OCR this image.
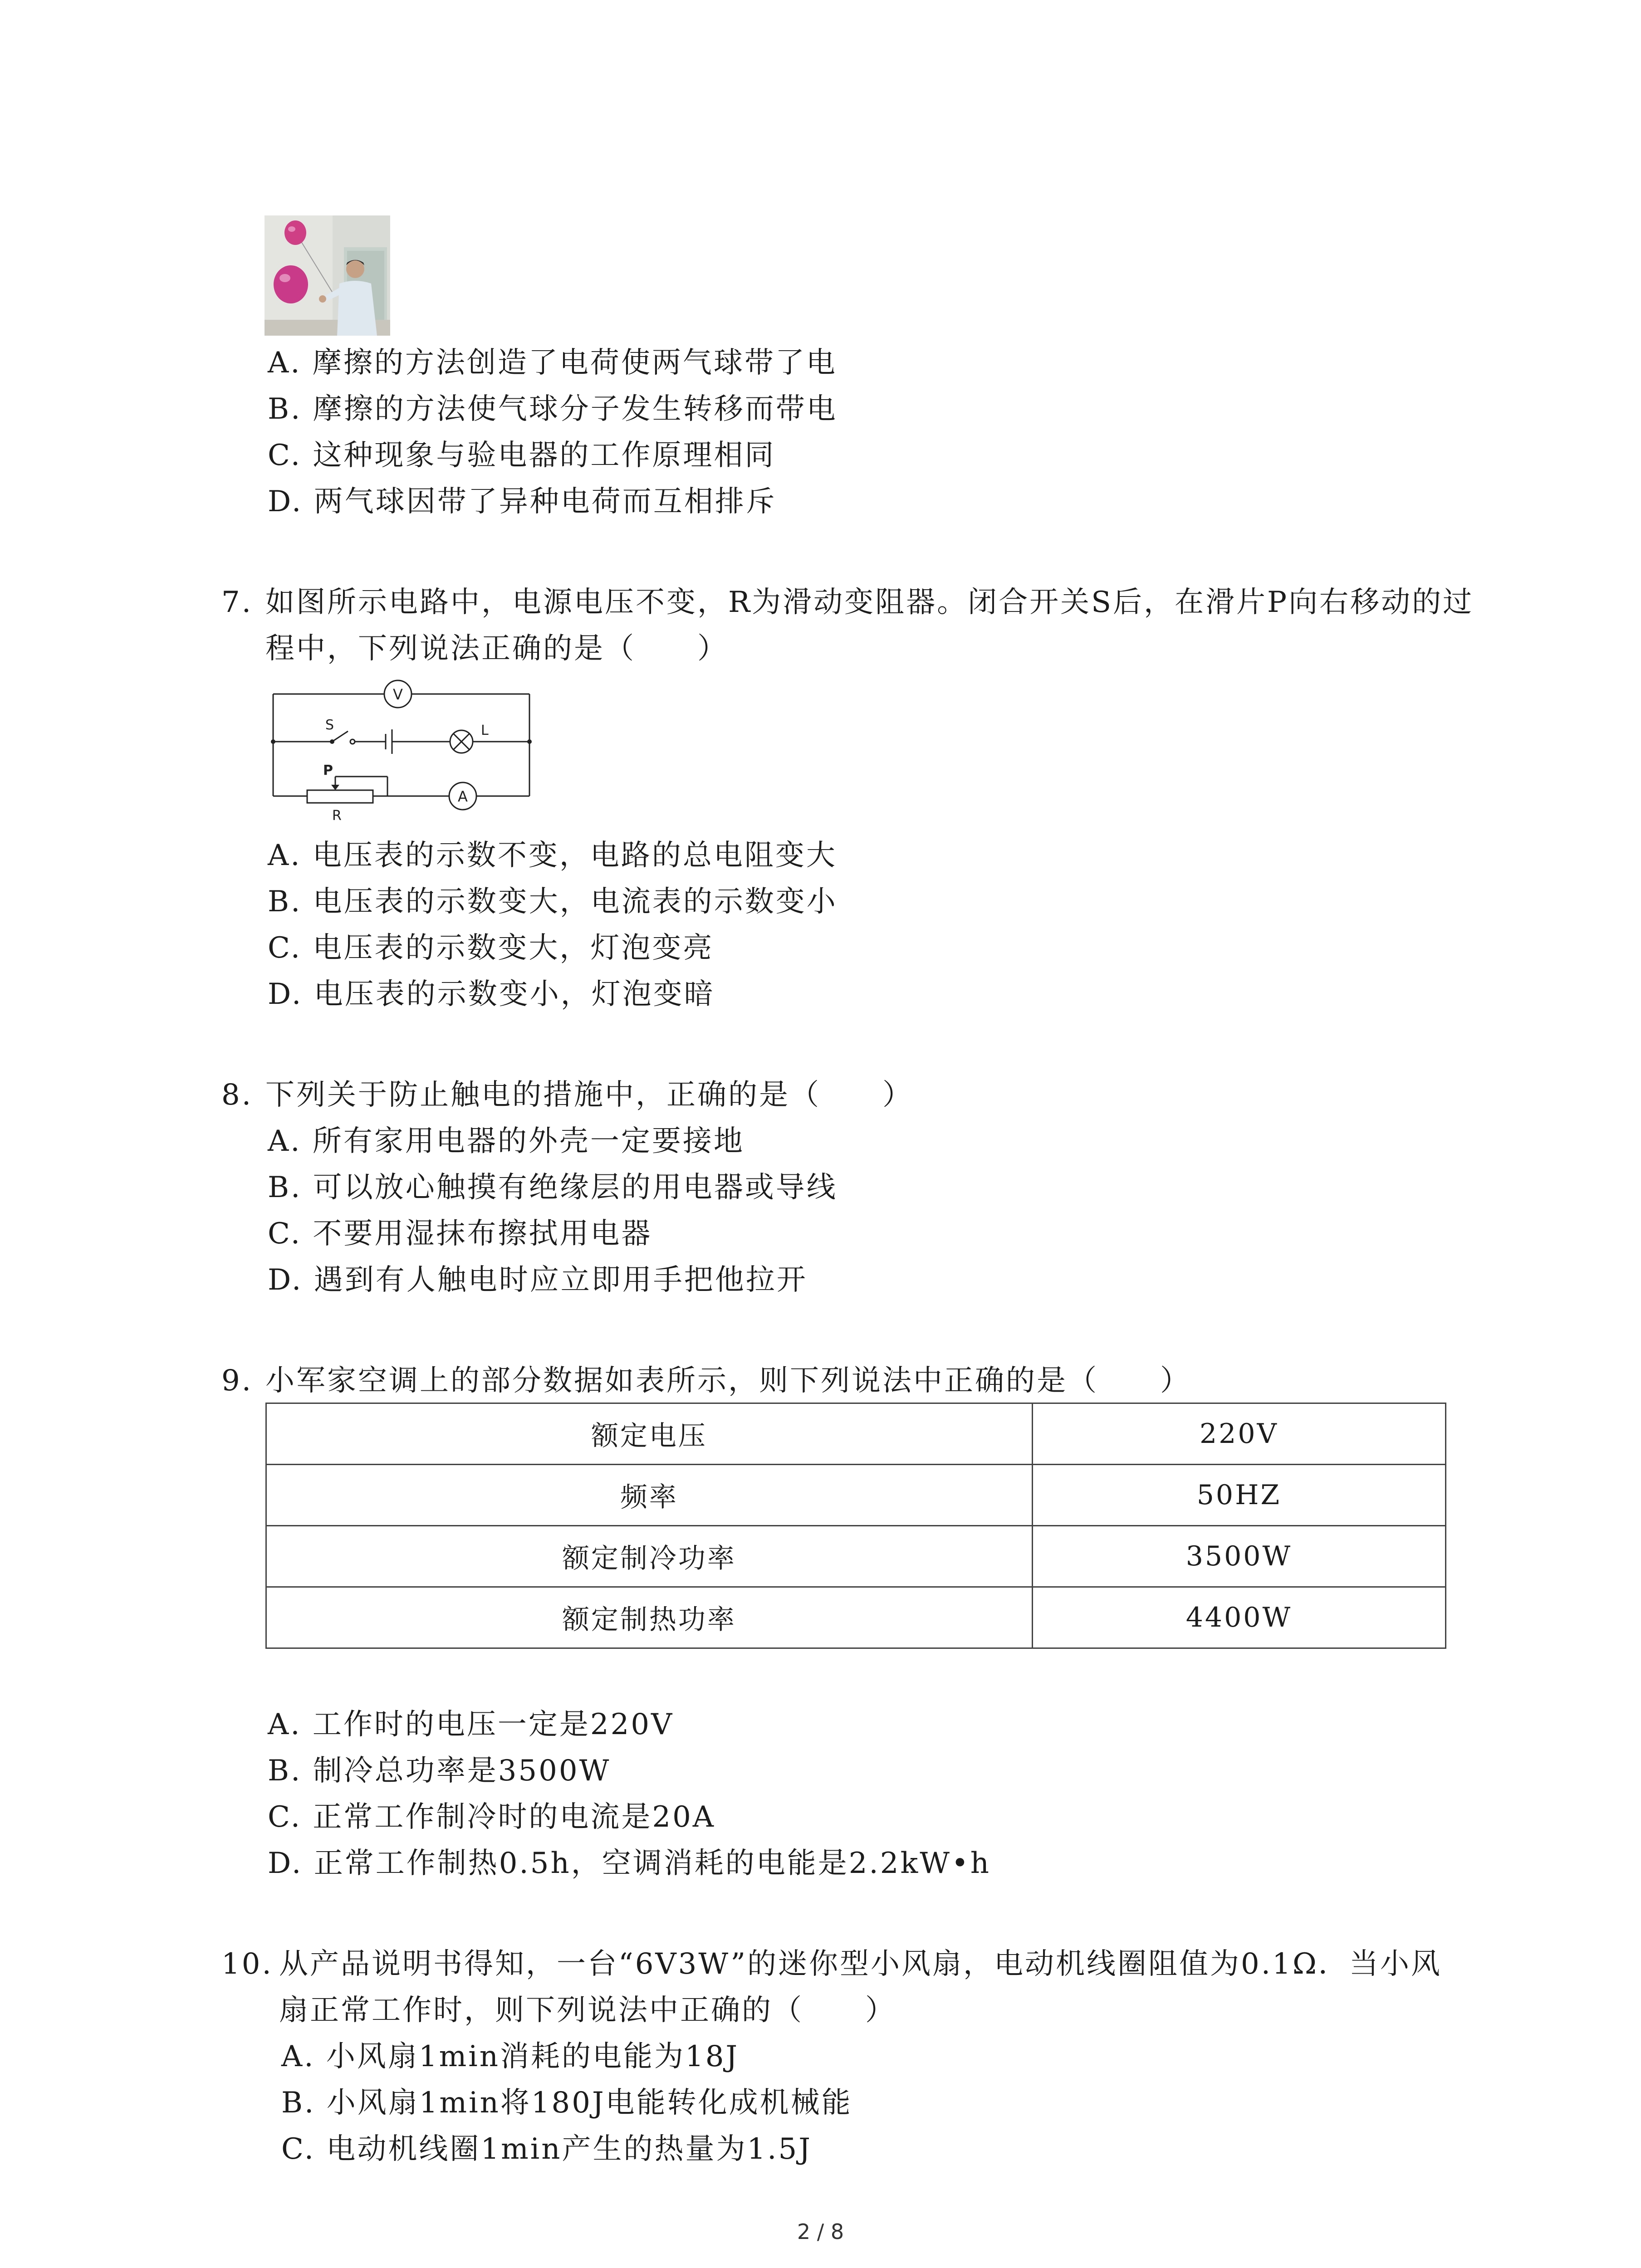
A. 摩擦的方法创造了电荷使两气球带了电
B. 摩擦的方法使气球分子发生转移而带电
C. 这种现象与验电器的工作原理相同
D. 两气球因带了异种电荷而互相排斥
7. 如图所示电路中，电源电压不变，R为滑动变阻器。闭合开关S后，在滑片P向右移动的过
程中，下列说法正确的是（　　）
V
S	L
P
R
A
A. 电压表的示数不变，电路的总电阻变大
B. 电压表的示数变大，电流表的示数变小
C. 电压表的示数变大，灯泡变亮
D. 电压表的示数变小，灯泡变暗
8. 下列关于防止触电的措施中，正确的是（　　）
A. 所有家用电器的外壳一定要接地
B. 可以放心触摸有绝缘层的用电器或导线
C. 不要用湿抹布擦拭用电器
D. 遇到有人触电时应立即用手把他拉开
9. 小军家空调上的部分数据如表所示，则下列说法中正确的是（　　）
额定电压	220V
频率	50HZ
额定制冷功率	3500W
额定制热功率	4400W
A. 工作时的电压一定是220V
B. 制冷总功率是3500W
C. 正常工作制冷时的电流是20A
D. 正常工作制热0.5h，空调消耗的电能是2.2kW•h
10. 从产品说明书得知，一台“6V3W”的迷你型小风扇，电动机线圈阻值为0.1Ω．当小风
扇正常工作时，则下列说法中正确的（　　）
A. 小风扇1min消耗的电能为18J
B. 小风扇1min将180J电能转化成机械能
C. 电动机线圈1min产生的热量为1.5J
2 / 8
